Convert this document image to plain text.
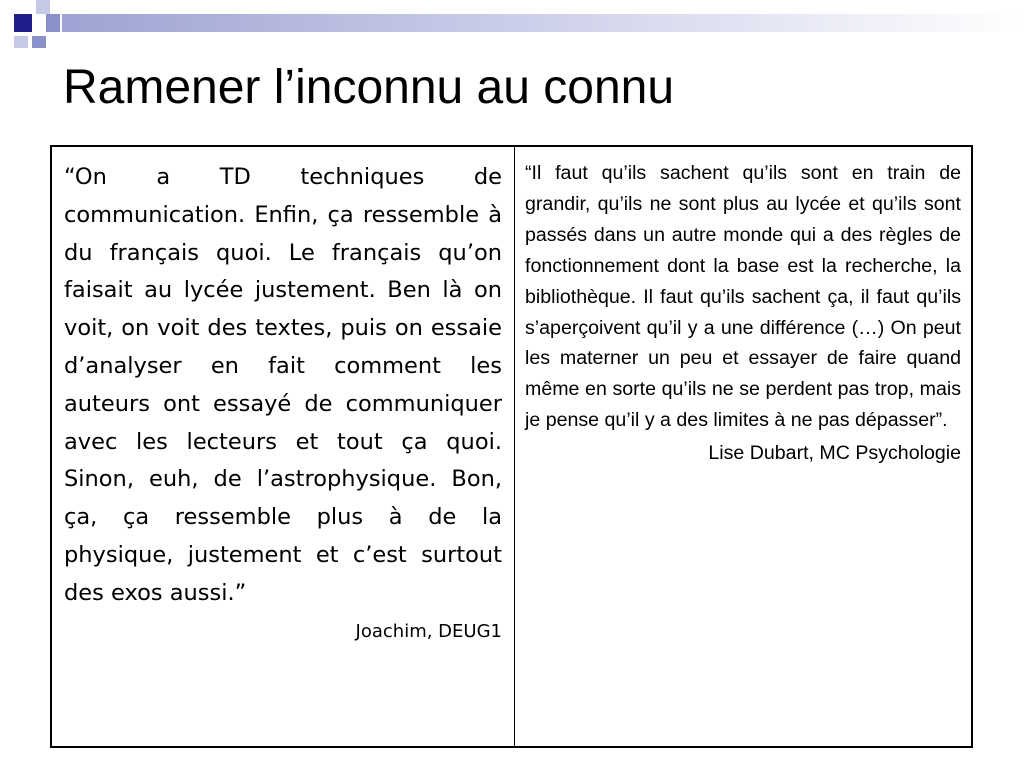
Ramener l’inconnu au connu

“On a TD techniques de communication. Enfin, ça ressemble à du français quoi. Le français qu’on faisait au lycée justement. Ben là on voit, on voit des textes, puis on essaie d’analyser en fait comment les auteurs ont essayé de communiquer avec les lecteurs et tout ça quoi. Sinon, euh, de l’astrophysique. Bon, ça, ça ressemble plus à de la physique, justement et c’est surtout des exos aussi.”

Joachim, DEUG1

“Il faut qu’ils sachent qu’ils sont en train de grandir, qu’ils ne sont plus au lycée et qu’ils sont passés dans un autre monde qui a des règles de fonctionnement dont la base est la recherche, la bibliothèque. Il faut qu’ils sachent ça, il faut qu’ils s’aperçoivent qu’il y a une différence (…) On peut les materner un peu et essayer de faire quand même en sorte qu’ils ne se perdent pas trop, mais je pense qu’il y a des limites à ne pas dépasser”.

Lise Dubart, MC Psychologie
